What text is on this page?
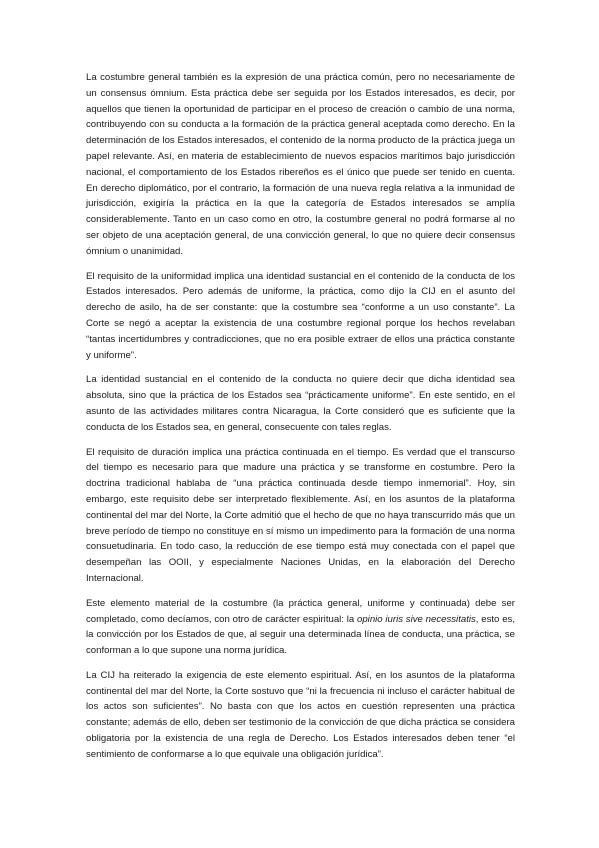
La costumbre general también es la expresión de una práctica común, pero no necesariamente de un consensus ómnium. Esta práctica debe ser seguida por los Estados interesados, es decir, por aquellos que tienen la oportunidad de participar en el proceso de creación o cambio de una norma, contribuyendo con su conducta a la formación de la práctica general aceptada como derecho. En la determinación de los Estados interesados, el contenido de la norma producto de la práctica juega un papel relevante. Así, en materia de establecimiento de nuevos espacios marítimos bajo jurisdicción nacional, el comportamiento de los Estados ribereños es el único que puede ser tenido en cuenta. En derecho diplomático, por el contrario, la formación de una nueva regla relativa a la inmunidad de jurisdicción, exigiría la práctica en la que la categoría de Estados interesados se amplía considerablemente. Tanto en un caso como en otro, la costumbre general no podrá formarse al no ser objeto de una aceptación general, de una convicción general, lo que no quiere decir consensus ómnium o unanimidad.

El requisito de la uniformidad implica una identidad sustancial en el contenido de la conducta de los Estados interesados. Pero además de uniforme, la práctica, como dijo la CIJ en el asunto del derecho de asilo, ha de ser constante: que la costumbre sea “conforme a un uso constante”. La Corte se negó a aceptar la existencia de una costumbre regional porque los hechos revelaban “tantas incertidumbres y contradicciones, que no era posible extraer de ellos una práctica constante y uniforme”.

La identidad sustancial en el contenido de la conducta no quiere decir que dicha identidad sea absoluta, sino que la práctica de los Estados sea “prácticamente uniforme”. En este sentido, en el asunto de las actividades militares contra Nicaragua, la Corte consideró que es suficiente que la conducta de los Estados sea, en general, consecuente con tales reglas.

El requisito de duración implica una práctica continuada en el tiempo. Es verdad que el transcurso del tiempo es necesario para que madure una práctica y se transforme en costumbre. Pero la doctrina tradicional hablaba de “una práctica continuada desde tiempo inmemorial”. Hoy, sin embargo, este requisito debe ser interpretado flexiblemente. Así, en los asuntos de la plataforma continental del mar del Norte, la Corte admitió que el hecho de que no haya transcurrido más que un breve período de tiempo no constituye en sí mismo un impedimento para la formación de una norma consuetudinaria. En todo caso, la reducción de ese tiempo está muy conectada con el papel que desempeñan las OOII, y especialmente Naciones Unidas, en la elaboración del Derecho Internacional.

Este elemento material de la costumbre (la práctica general, uniforme y continuada) debe ser completado, como decíamos, con otro de carácter espiritual: la opinio iuris sive necessitatis, esto es, la convicción por los Estados de que, al seguir una determinada línea de conducta, una práctica, se conforman a lo que supone una norma jurídica.

La CIJ ha reiterado la exigencia de este elemento espiritual. Así, en los asuntos de la plataforma continental del mar del Norte, la Corte sostuvo que “ni la frecuencia ni incluso el carácter habitual de los actos son suficientes”. No basta con que los actos en cuestión representen una práctica constante; además de ello, deben ser testimonio de la convicción de que dicha práctica se considera obligatoria por la existencia de una regla de Derecho. Los Estados interesados deben tener “el sentimiento de conformarse a lo que equivale una obligación jurídica”.
